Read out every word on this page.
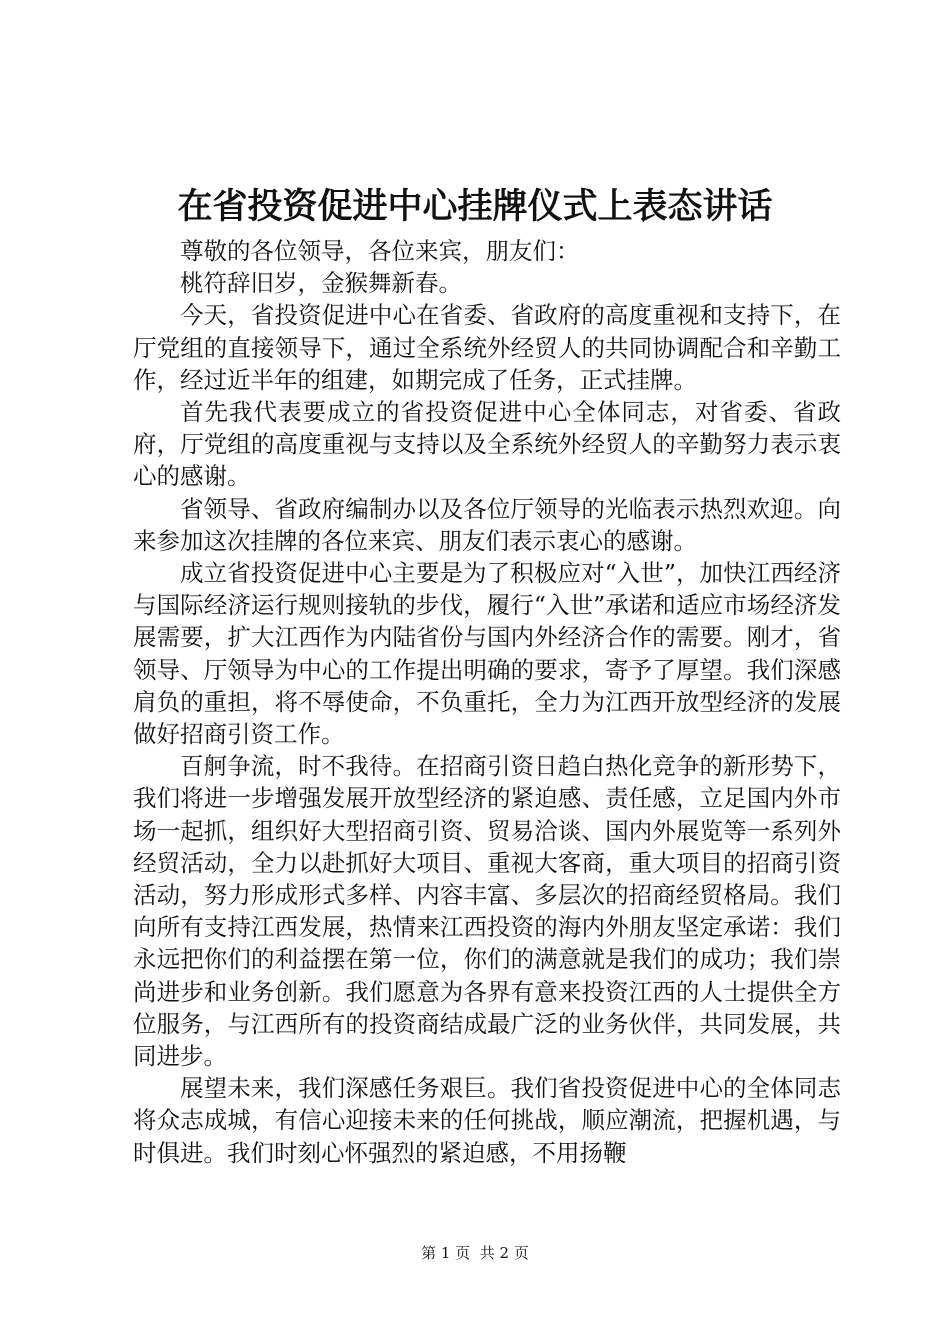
在省投资促进中心挂牌仪式上表态讲话

尊敬的各位领导，各位来宾，朋友们：

桃符辞旧岁，金猴舞新春。

今天，省投资促进中心在省委、省政府的高度重视和支持下，在厅党组的直接领导下，通过全系统外经贸人的共同协调配合和辛勤工作，经过近半年的组建，如期完成了任务，正式挂牌。

首先我代表要成立的省投资促进中心全体同志，对省委、省政府，厅党组的高度重视与支持以及全系统外经贸人的辛勤努力表示衷心的感谢。

省领导、省政府编制办以及各位厅领导的光临表示热烈欢迎。向来参加这次挂牌的各位来宾、朋友们表示衷心的感谢。

成立省投资促进中心主要是为了积极应对“入世”，加快江西经济与国际经济运行规则接轨的步伐，履行“入世”承诺和适应市场经济发展需要，扩大江西作为内陆省份与国内外经济合作的需要。刚才，省领导、厅领导为中心的工作提出明确的要求，寄予了厚望。我们深感肩负的重担，将不辱使命，不负重托，全力为江西开放型经济的发展做好招商引资工作。

百舸争流，时不我待。在招商引资日趋白热化竞争的新形势下，我们将进一步增强发展开放型经济的紧迫感、责任感，立足国内外市场一起抓，组织好大型招商引资、贸易洽谈、国内外展览等一系列外经贸活动，全力以赴抓好大项目、重视大客商，重大项目的招商引资活动，努力形成形式多样、内容丰富、多层次的招商经贸格局。我们向所有支持江西发展，热情来江西投资的海内外朋友坚定承诺：我们永远把你们的利益摆在第一位，你们的满意就是我们的成功；我们崇尚进步和业务创新。我们愿意为各界有意来投资江西的人士提供全方位服务，与江西所有的投资商结成最广泛的业务伙伴，共同发展，共同进步。

展望未来，我们深感任务艰巨。我们省投资促进中心的全体同志将众志成城，有信心迎接未来的任何挑战，顺应潮流，把握机遇，与时俱进。我们时刻心怀强烈的紧迫感，不用扬鞭

第 1 页  共 2 页
